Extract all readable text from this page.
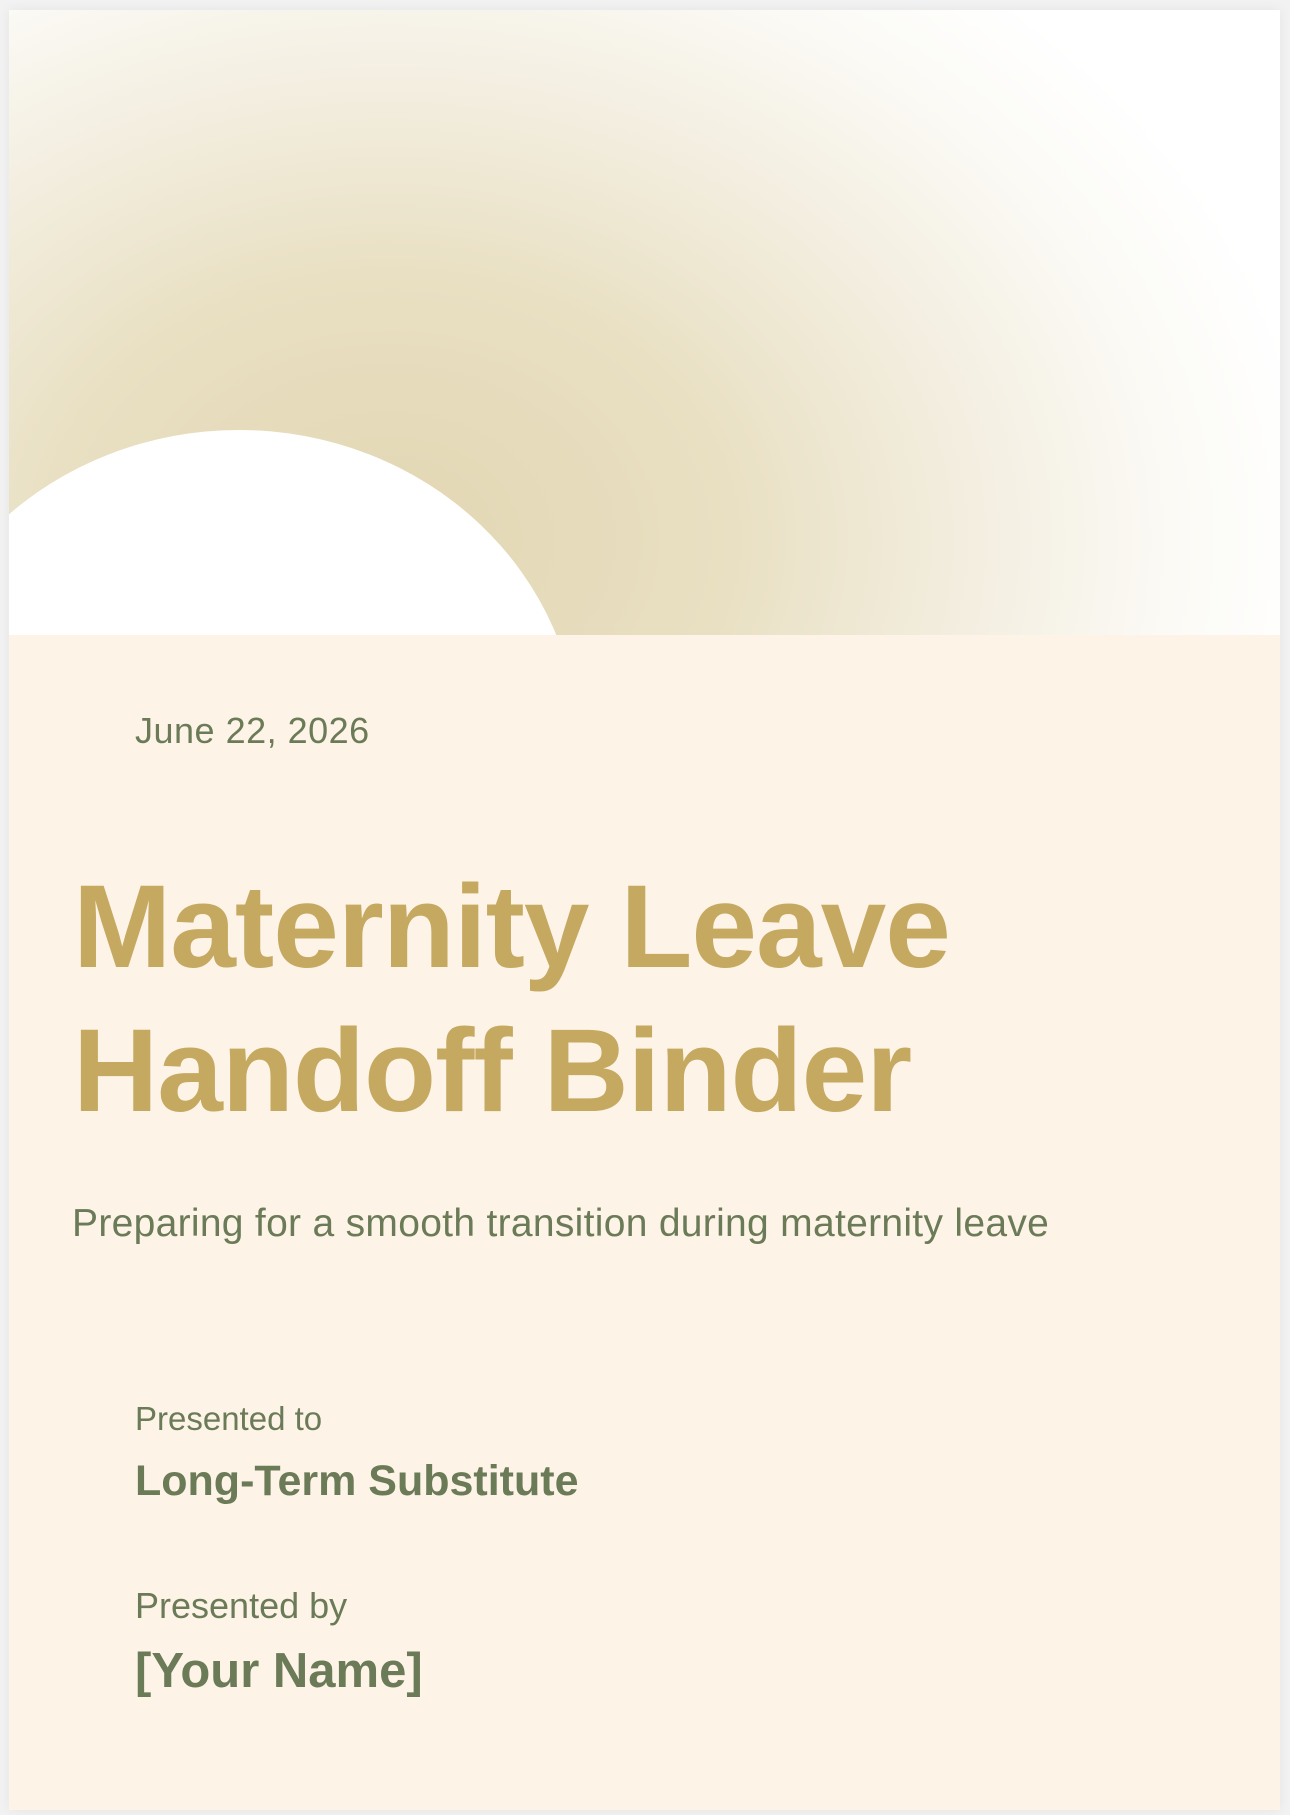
June 22, 2026
Maternity Leave
Handoff Binder
Preparing for a smooth transition during maternity leave
Presented to
Long-Term Substitute
Presented by
[Your Name]
